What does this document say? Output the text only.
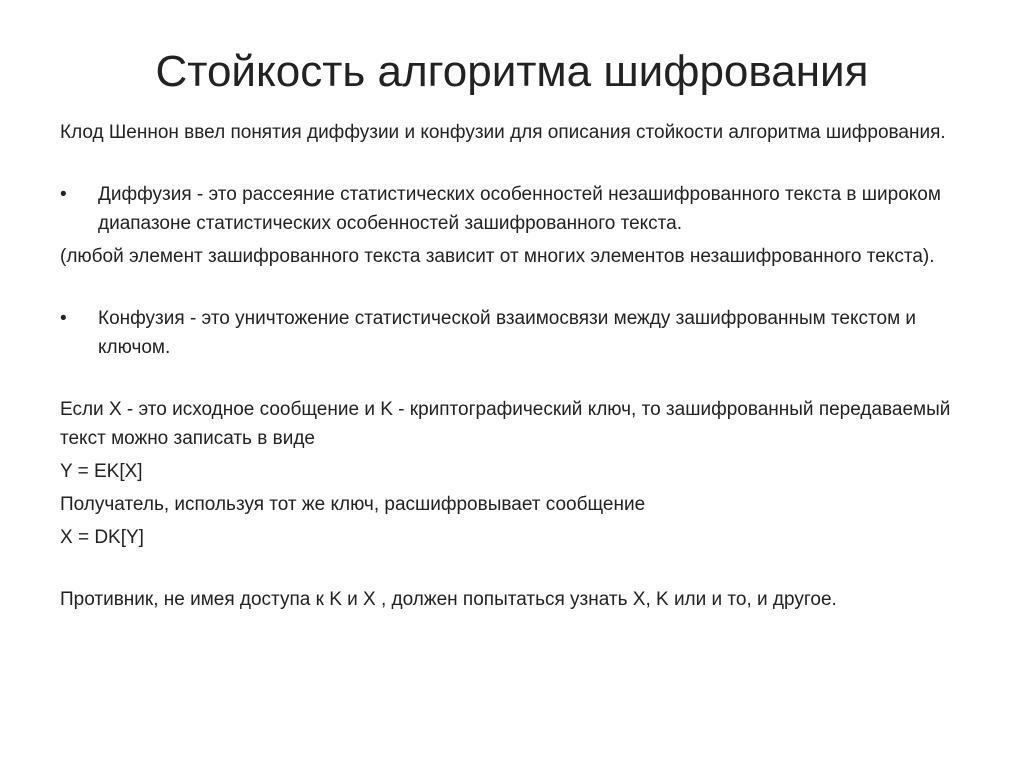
Стойкость алгоритма шифрования

Клод Шеннон ввел понятия диффузии и конфузии для описания стойкости алгоритма шифрования.

• Диффузия - это рассеяние статистических особенностей незашифрованного текста в широком диапазоне статистических особенностей зашифрованного текста.

(любой элемент зашифрованного текста зависит от многих элементов незашифрованного текста).

• Конфузия - это уничтожение статистической взаимосвязи между зашифрованным текстом и ключом.

Если X - это исходное сообщение и K - криптографический ключ, то зашифрованный передаваемый текст можно записать в виде

Y = EK[X]

Получатель, используя тот же ключ, расшифровывает сообщение

X = DK[Y]

Противник, не имея доступа к K и X , должен попытаться узнать X, K или и то, и другое.
